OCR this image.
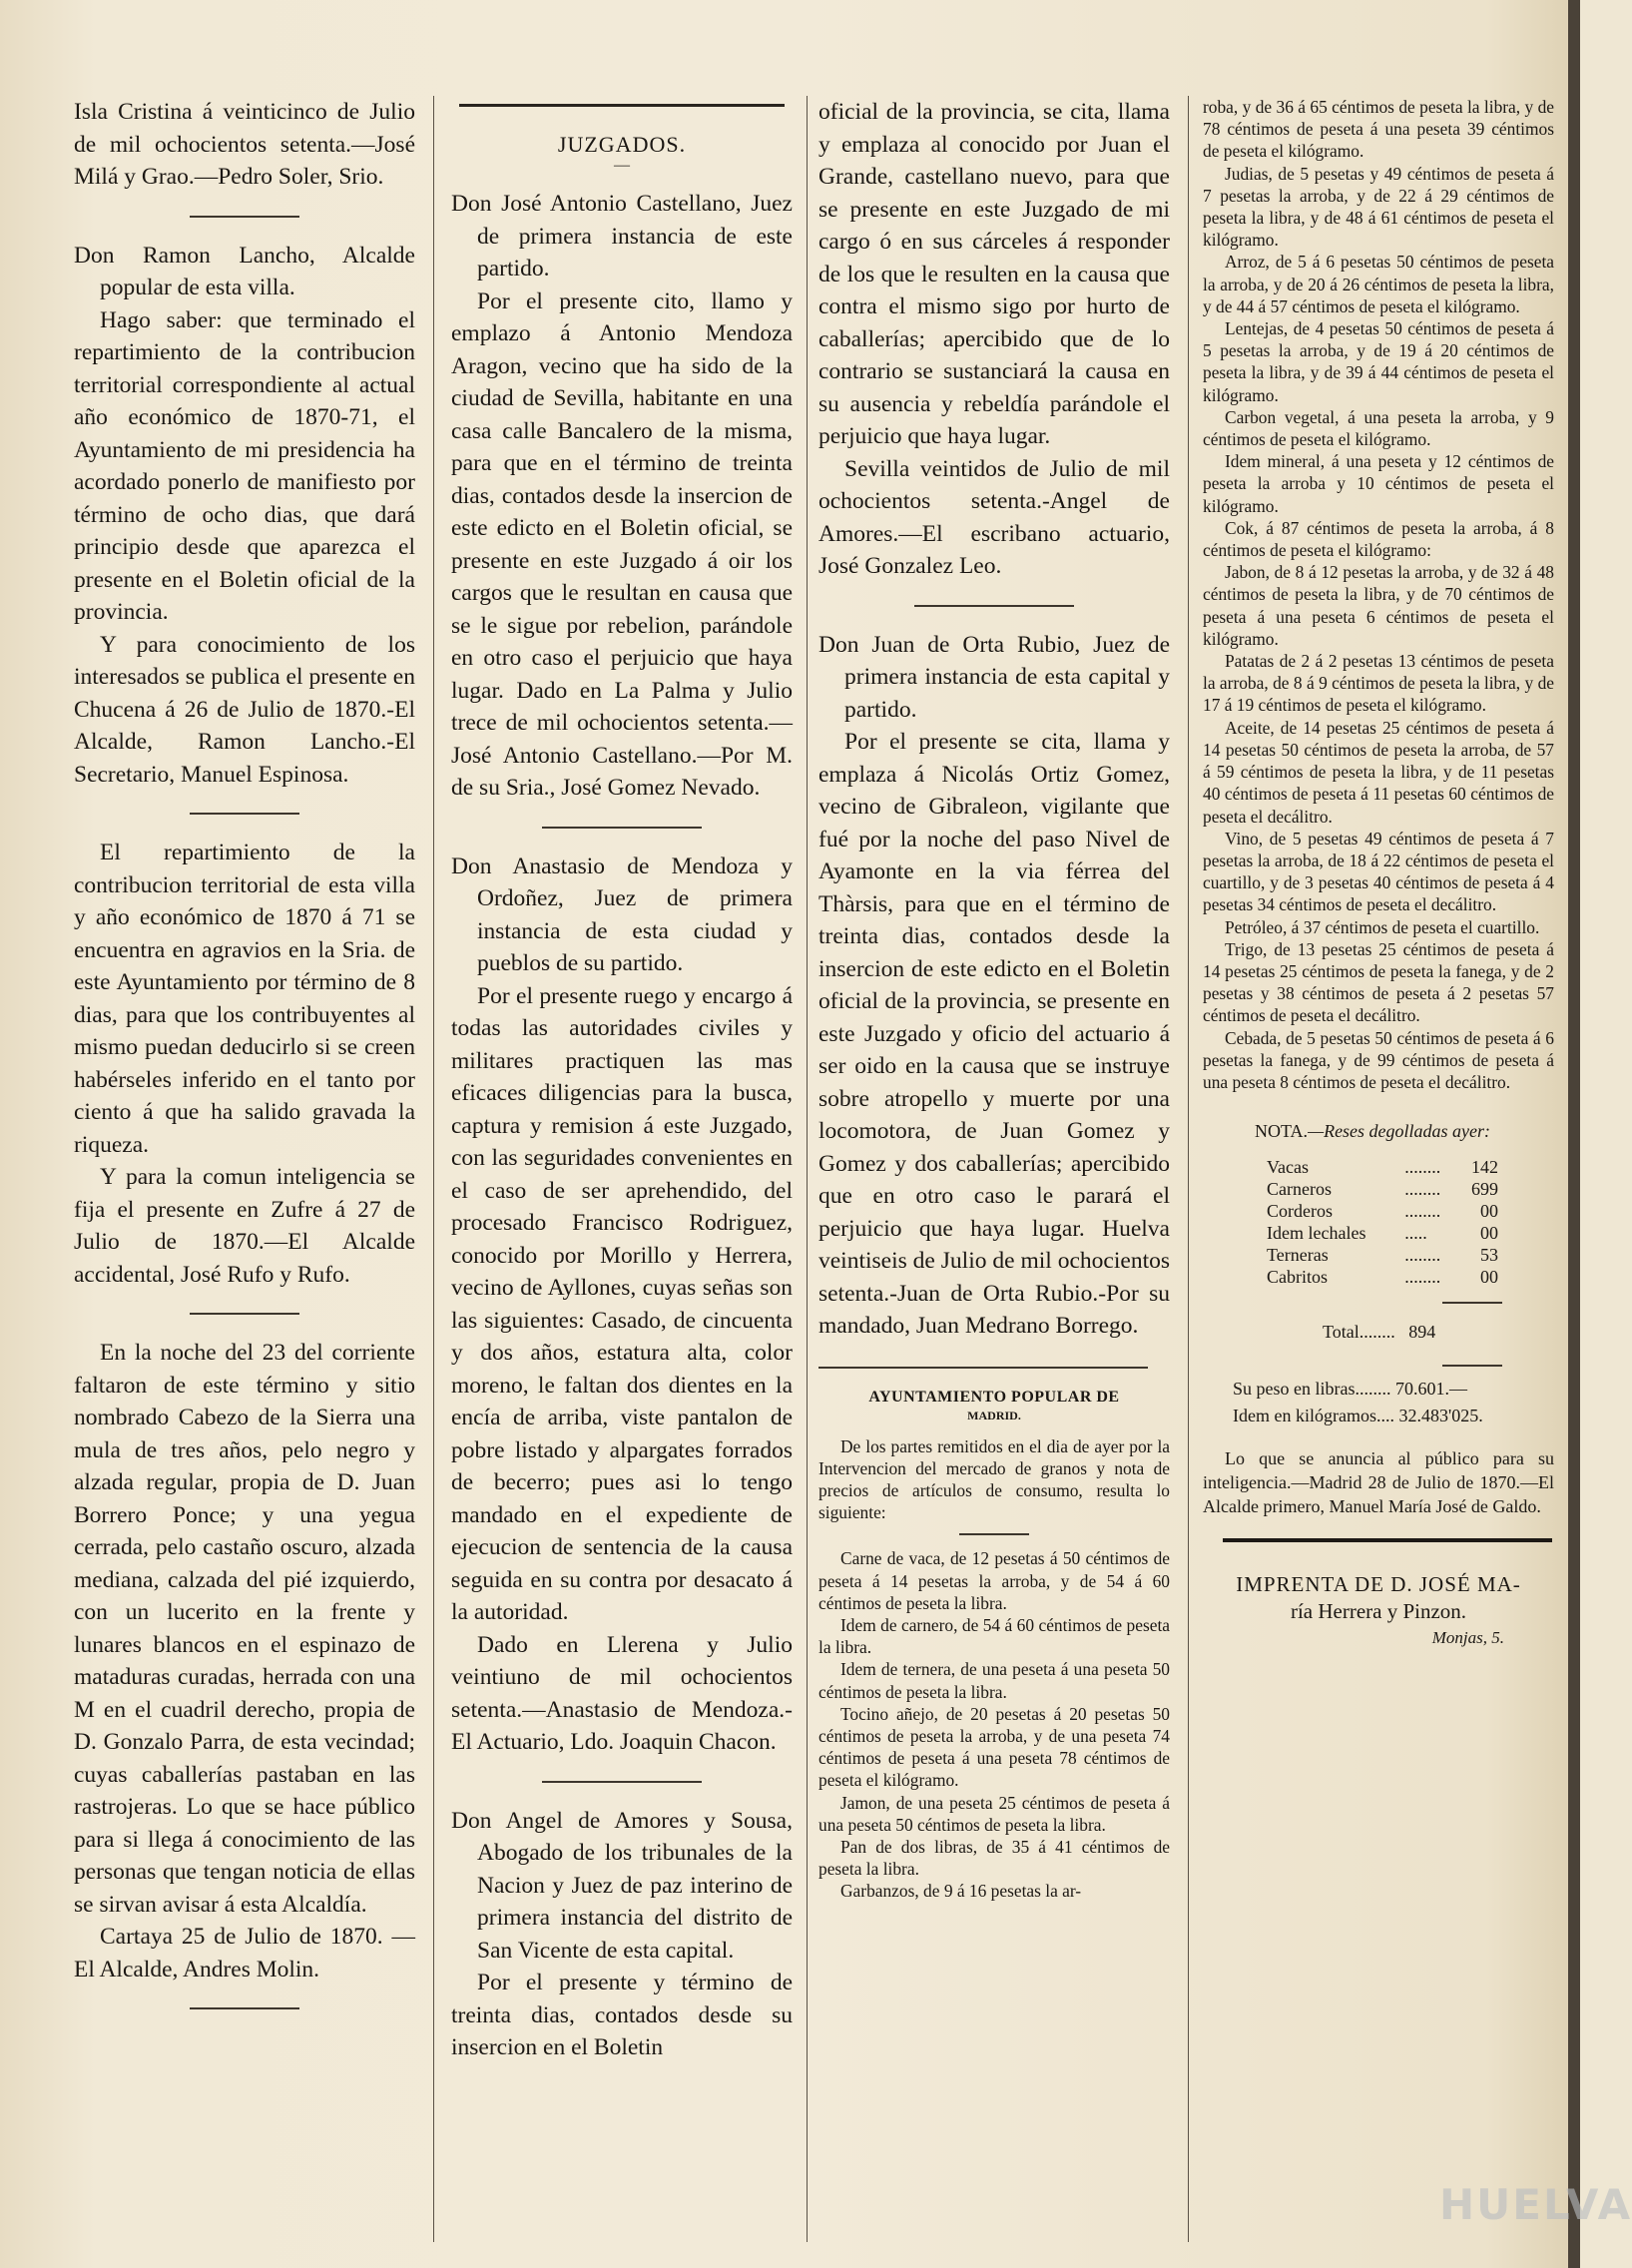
Isla Cristina á veinticinco de Julio de mil ochocientos setenta.—José Milá y Grao.—Pedro Soler, Srio.

Don Ramon Lancho, Alcalde popular de esta villa.

Hago saber: que terminado el repartimiento de la contribucion territorial correspondiente al actual año económico de 1870-71, el Ayuntamiento de mi presidencia ha acordado ponerlo de manifiesto por término de ocho dias, que dará principio desde que aparezca el presente en el Boletin oficial de la provincia.

Y para conocimiento de los interesados se publica el presente en Chucena á 26 de Julio de 1870.-El Alcalde, Ramon Lancho.-El Secretario, Manuel Espinosa.

El repartimiento de la contribucion territorial de esta villa y año económico de 1870 á 71 se encuentra en agravios en la Sria. de este Ayuntamiento por término de 8 dias, para que los contribuyentes al mismo puedan deducirlo si se creen habérseles inferido en el tanto por ciento á que ha salido gravada la riqueza.

Y para la comun inteligencia se fija el presente en Zufre á 27 de Julio de 1870.—El Alcalde accidental, José Rufo y Rufo.

En la noche del 23 del corriente faltaron de este término y sitio nombrado Cabezo de la Sierra una mula de tres años, pelo negro y alzada regular, propia de D. Juan Borrero Ponce; y una yegua cerrada, pelo castaño oscuro, alzada mediana, calzada del pié izquierdo, con un lucerito en la frente y lunares blancos en el espinazo de mataduras curadas, herrada con una M en el cuadril derecho, propia de D. Gonzalo Parra, de esta vecindad; cuyas caballerías pastaban en las rastrojeras. Lo que se hace público para si llega á conocimiento de las personas que tengan noticia de ellas se sirvan avisar á esta Alcaldía.

Cartaya 25 de Julio de 1870. —El Alcalde, Andres Molin.

JUZGADOS.

—

Don José Antonio Castellano, Juez de primera instancia de este partido.

Por el presente cito, llamo y emplazo á Antonio Mendoza Aragon, vecino que ha sido de la ciudad de Sevilla, habitante en una casa calle Bancalero de la misma, para que en el término de treinta dias, contados desde la insercion de este edicto en el Boletin oficial, se presente en este Juzgado á oir los cargos que le resultan en causa que se le sigue por rebelion, parándole en otro caso el perjuicio que haya lugar. Dado en La Palma y Julio trece de mil ochocientos setenta.—José Antonio Castellano.—Por M. de su Sria., José Gomez Nevado.

Don Anastasio de Mendoza y Ordoñez, Juez de primera instancia de esta ciudad y pueblos de su partido.

Por el presente ruego y encargo á todas las autoridades civiles y militares practiquen las mas eficaces diligencias para la busca, captura y remision á este Juzgado, con las seguridades convenientes en el caso de ser aprehendido, del procesado Francisco Rodriguez, conocido por Morillo y Herrera, vecino de Ayllones, cuyas señas son las siguientes: Casado, de cincuenta y dos años, estatura alta, color moreno, le faltan dos dientes en la encía de arriba, viste pantalon de pobre listado y alpargates forrados de becerro; pues asi lo tengo mandado en el expediente de ejecucion de sentencia de la causa seguida en su contra por desacato á la autoridad.

Dado en Llerena y Julio veintiuno de mil ochocientos setenta.—Anastasio de Mendoza.-El Actuario, Ldo. Joaquin Chacon.

Don Angel de Amores y Sousa, Abogado de los tribunales de la Nacion y Juez de paz interino de primera instancia del distrito de San Vicente de esta capital.

Por el presente y término de treinta dias, contados desde su insercion en el Boletin

oficial de la provincia, se cita, llama y emplaza al conocido por Juan el Grande, castellano nuevo, para que se presente en este Juzgado de mi cargo ó en sus cárceles á responder de los que le resulten en la causa que contra el mismo sigo por hurto de caballerías; apercibido que de lo contrario se sustanciará la causa en su ausencia y rebeldía parándole el perjuicio que haya lugar.

Sevilla veintidos de Julio de mil ochocientos setenta.-Angel de Amores.—El escribano actuario, José Gonzalez Leo.

Don Juan de Orta Rubio, Juez de primera instancia de esta capital y partido.

Por el presente se cita, llama y emplaza á Nicolás Ortiz Gomez, vecino de Gibraleon, vigilante que fué por la noche del paso Nivel de Ayamonte en la via férrea del Thàrsis, para que en el término de treinta dias, contados desde la insercion de este edicto en el Boletin oficial de la provincia, se presente en este Juzgado y oficio del actuario á ser oido en la causa que se instruye sobre atropello y muerte por una locomotora, de Juan Gomez y Gomez y dos caballerías; apercibido que en otro caso le parará el perjuicio que haya lugar. Huelva veintiseis de Julio de mil ochocientos setenta.-Juan de Orta Rubio.-Por su mandado, Juan Medrano Borrego.

AYUNTAMIENTO POPULAR DE

MADRID.

De los partes remitidos en el dia de ayer por la Intervencion del mercado de granos y nota de precios de artículos de consumo, resulta lo siguiente:

Carne de vaca, de 12 pesetas á 50 céntimos de peseta á 14 pesetas la arroba, y de 54 á 60 céntimos de peseta la libra.

Idem de carnero, de 54 á 60 céntimos de peseta la libra.

Idem de ternera, de una peseta á una peseta 50 céntimos de peseta la libra.

Tocino añejo, de 20 pesetas á 20 pesetas 50 céntimos de peseta la arroba, y de una peseta 74 céntimos de peseta á una peseta 78 céntimos de peseta el kilógramo.

Jamon, de una peseta 25 céntimos de peseta á una peseta 50 céntimos de peseta la libra.

Pan de dos libras, de 35 á 41 céntimos de peseta la libra.

Garbanzos, de 9 á 16 pesetas la ar-

roba, y de 36 á 65 céntimos de peseta la libra, y de 78 céntimos de peseta á una peseta 39 céntimos de peseta el kilógramo.

Judias, de 5 pesetas y 49 céntimos de peseta á 7 pesetas la arroba, y de 22 á 29 céntimos de peseta la libra, y de 48 á 61 céntimos de peseta el kilógramo.

Arroz, de 5 á 6 pesetas 50 céntimos de peseta la arroba, y de 20 á 26 céntimos de peseta la libra, y de 44 á 57 céntimos de peseta el kilógramo.

Lentejas, de 4 pesetas 50 céntimos de peseta á 5 pesetas la arroba, y de 19 á 20 céntimos de peseta la libra, y de 39 á 44 céntimos de peseta el kilógramo.

Carbon vegetal, á una peseta la arroba, y 9 céntimos de peseta el kilógramo.

Idem mineral, á una peseta y 12 céntimos de peseta la arroba y 10 céntimos de peseta el kilógramo.

Cok, á 87 céntimos de peseta la arroba, á 8 céntimos de peseta el kilógramo:

Jabon, de 8 á 12 pesetas la arroba, y de 32 á 48 céntimos de peseta la libra, y de 70 céntimos de peseta á una peseta 6 céntimos de peseta el kilógramo.

Patatas de 2 á 2 pesetas 13 céntimos de peseta la arroba, de 8 á 9 céntimos de peseta la libra, y de 17 á 19 céntimos de peseta el kilógramo.

Aceite, de 14 pesetas 25 céntimos de peseta á 14 pesetas 50 céntimos de peseta la arroba, de 57 á 59 céntimos de peseta la libra, y de 11 pesetas 40 céntimos de peseta á 11 pesetas 60 céntimos de peseta el decálitro.

Vino, de 5 pesetas 49 céntimos de peseta á 7 pesetas la arroba, de 18 á 22 céntimos de peseta el cuartillo, y de 3 pesetas 40 céntimos de peseta á 4 pesetas 34 céntimos de peseta el decálitro.

Petróleo, á 37 céntimos de peseta el cuartillo.

Trigo, de 13 pesetas 25 céntimos de peseta á 14 pesetas 25 céntimos de peseta la fanega, y de 2 pesetas y 38 céntimos de peseta á 2 pesetas 57 céntimos de peseta el decálitro.

Cebada, de 5 pesetas 50 céntimos de peseta á 6 pesetas la fanega, y de 99 céntimos de peseta á una peseta 8 céntimos de peseta el decálitro.

NOTA.—Reses degolladas ayer:

Vacas	........	142
Carneros	........	699
Corderos	........	00
Idem lechales	.....	00
Terneras	........	53
Cabritos	........	00

Total........ 894

Su peso en libras........ 70.601.—

Idem en kilógramos.... 32.483'025.

Lo que se anuncia al público para su inteligencia.—Madrid 28 de Julio de 1870.—El Alcalde primero, Manuel María José de Galdo.

IMPRENTA DE D. JOSÉ MA-

ría Herrera y Pinzon.

Monjas, 5.

HUELVA
